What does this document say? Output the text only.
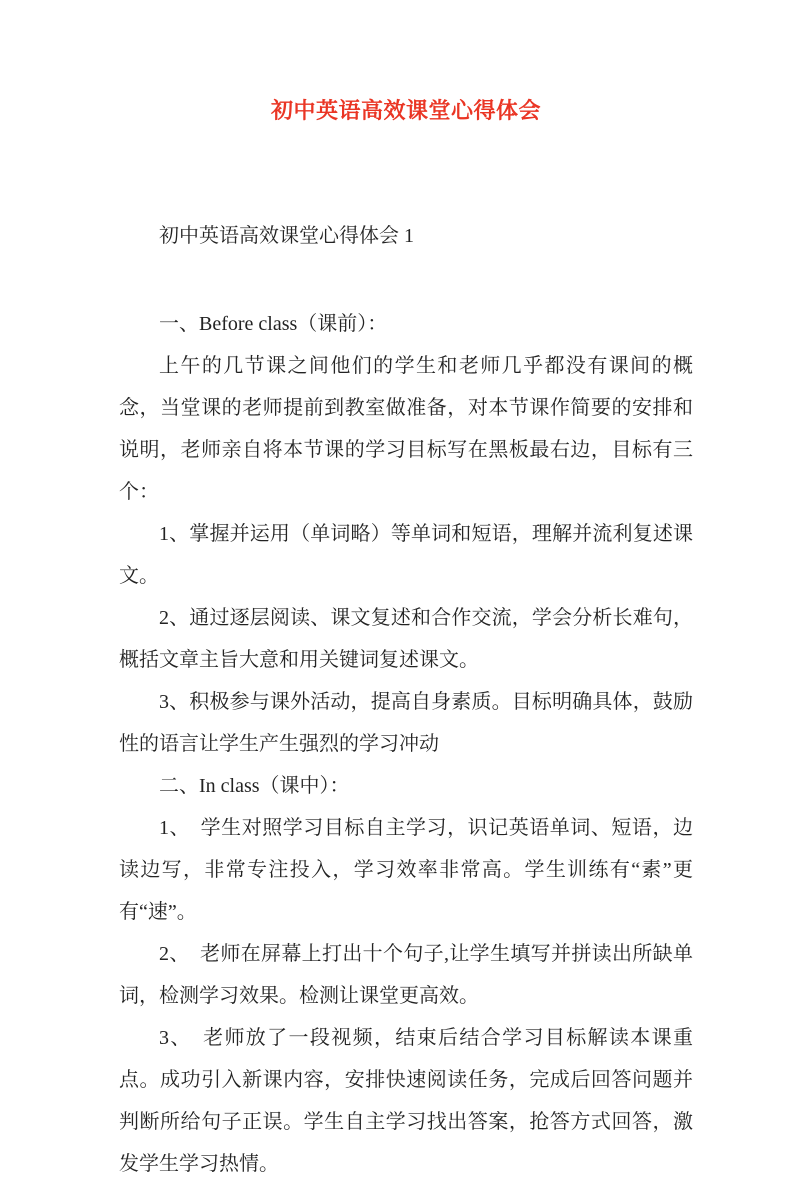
初中英语高效课堂心得体会

初中英语高效课堂心得体会 1

一、Before class（课前）：

上午的几节课之间他们的学生和老师几乎都没有课间的概念，当堂课的老师提前到教室做准备，对本节课作简要的安排和说明，老师亲自将本节课的学习目标写在黑板最右边，目标有三个：

1、掌握并运用（单词略）等单词和短语，理解并流利复述课文。

2、通过逐层阅读、课文复述和合作交流，学会分析长难句，概括文章主旨大意和用关键词复述课文。

3、积极参与课外活动，提高自身素质。目标明确具体，鼓励性的语言让学生产生强烈的学习冲动

二、In class（课中）：

1、　学生对照学习目标自主学习，识记英语单词、短语，边读边写，非常专注投入，学习效率非常高。学生训练有“素”更有“速”。

2、　老师在屏幕上打出十个句子,让学生填写并拼读出所缺单词，检测学习效果。检测让课堂更高效。

3、　老师放了一段视频，结束后结合学习目标解读本课重点。成功引入新课内容，安排快速阅读任务，完成后回答问题并判断所给句子正误。学生自主学习找出答案，抢答方式回答，激发学生学习热情。
